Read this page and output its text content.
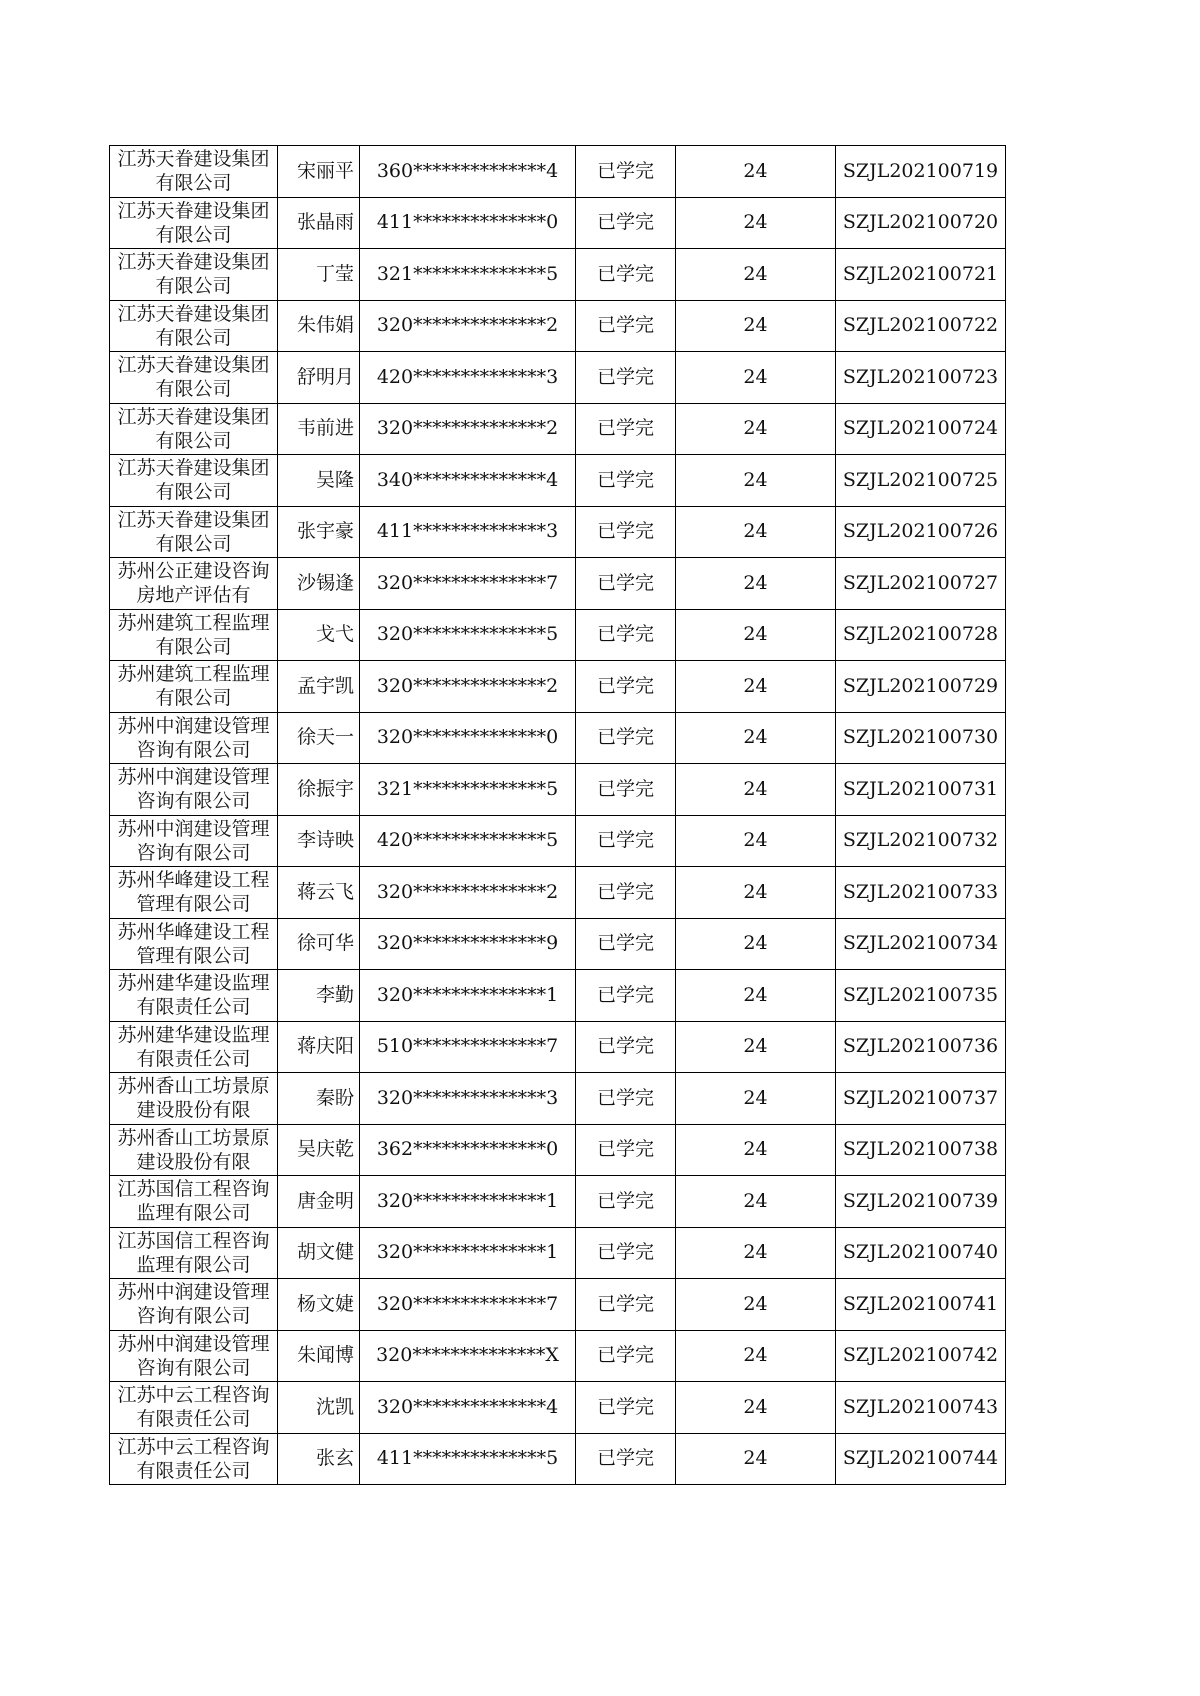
江苏天眷建设集团有限公司	宋丽平	360**************4	已学完	24	SZJL202100719

江苏天眷建设集团有限公司	张晶雨	411**************0	已学完	24	SZJL202100720

江苏天眷建设集团有限公司	丁莹	321**************5	已学完	24	SZJL202100721

江苏天眷建设集团有限公司	朱伟娟	320**************2	已学完	24	SZJL202100722

江苏天眷建设集团有限公司	舒明月	420**************3	已学完	24	SZJL202100723

江苏天眷建设集团有限公司	韦前进	320**************2	已学完	24	SZJL202100724

江苏天眷建设集团有限公司	吴隆	340**************4	已学完	24	SZJL202100725

江苏天眷建设集团有限公司	张宇豪	411**************3	已学完	24	SZJL202100726

苏州公正建设咨询房地产评估有	沙锡逢	320**************7	已学完	24	SZJL202100727

苏州建筑工程监理有限公司	戈弋	320**************5	已学完	24	SZJL202100728

苏州建筑工程监理有限公司	孟宇凯	320**************2	已学完	24	SZJL202100729

苏州中润建设管理咨询有限公司	徐天一	320**************0	已学完	24	SZJL202100730

苏州中润建设管理咨询有限公司	徐振宇	321**************5	已学完	24	SZJL202100731

苏州中润建设管理咨询有限公司	李诗映	420**************5	已学完	24	SZJL202100732

苏州华峰建设工程管理有限公司	蒋云飞	320**************2	已学完	24	SZJL202100733

苏州华峰建设工程管理有限公司	徐可华	320**************9	已学完	24	SZJL202100734

苏州建华建设监理有限责任公司	李勤	320**************1	已学完	24	SZJL202100735

苏州建华建设监理有限责任公司	蒋庆阳	510**************7	已学完	24	SZJL202100736

苏州香山工坊景原建设股份有限	秦盼	320**************3	已学完	24	SZJL202100737

苏州香山工坊景原建设股份有限	吴庆乾	362**************0	已学完	24	SZJL202100738

江苏国信工程咨询监理有限公司	唐金明	320**************1	已学完	24	SZJL202100739

江苏国信工程咨询监理有限公司	胡文健	320**************1	已学完	24	SZJL202100740

苏州中润建设管理咨询有限公司	杨文婕	320**************7	已学完	24	SZJL202100741

苏州中润建设管理咨询有限公司	朱闻博	320**************X	已学完	24	SZJL202100742

江苏中云工程咨询有限责任公司	沈凯	320**************4	已学完	24	SZJL202100743

江苏中云工程咨询有限责任公司	张玄	411**************5	已学完	24	SZJL202100744
